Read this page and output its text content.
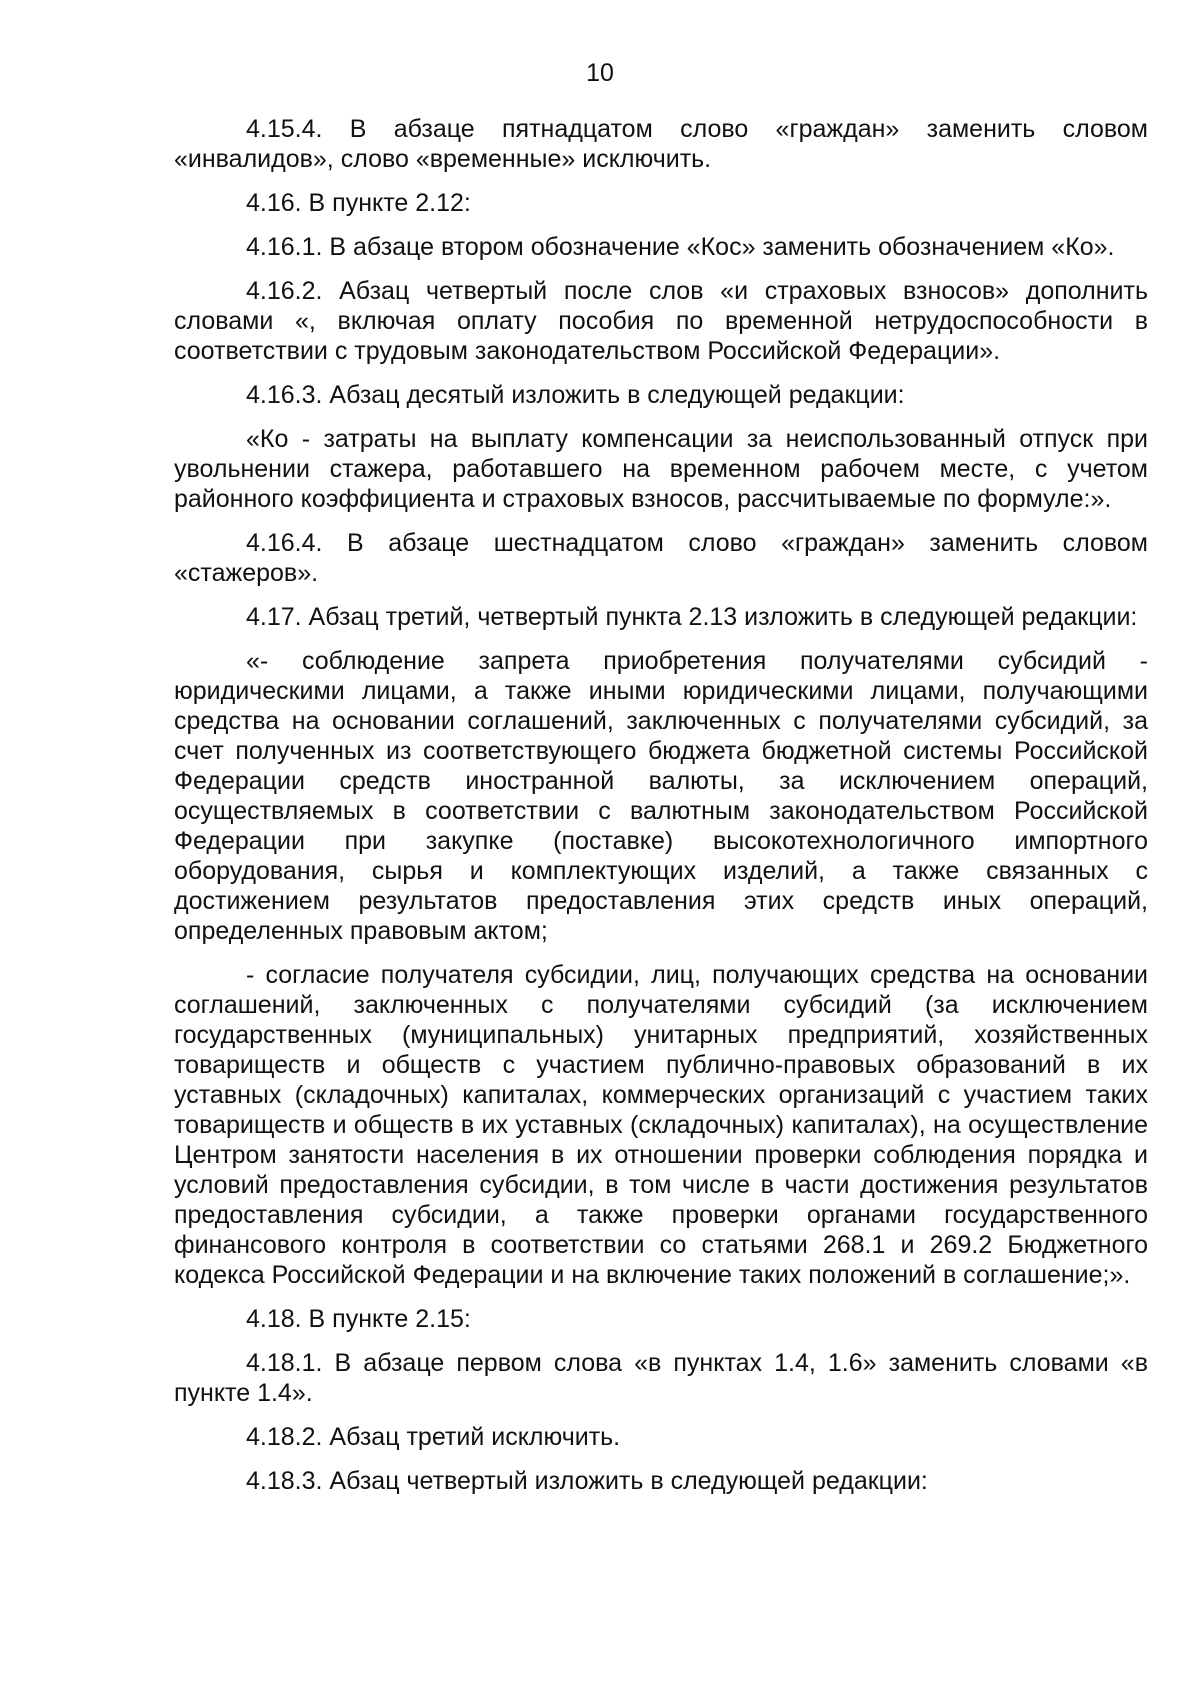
10

4.15.4. В абзаце пятнадцатом слово «граждан» заменить словом «инвалидов», слово «временные» исключить.

4.16. В пункте 2.12:

4.16.1. В абзаце втором обозначение «Кос» заменить обозначением «Ко».

4.16.2. Абзац четвертый после слов «и страховых взносов» дополнить словами «, включая оплату пособия по временной нетрудоспособности в соответствии с трудовым законодательством Российской Федерации».

4.16.3. Абзац десятый изложить в следующей редакции:

«Ко - затраты на выплату компенсации за неиспользованный отпуск при увольнении стажера, работавшего на временном рабочем месте, с учетом районного коэффициента и страховых взносов, рассчитываемые по формуле:».

4.16.4. В абзаце шестнадцатом слово «граждан» заменить словом «стажеров».

4.17. Абзац третий, четвертый пункта 2.13 изложить в следующей редакции:

«- соблюдение запрета приобретения получателями субсидий - юридическими лицами, а также иными юридическими лицами, получающими средства на основании соглашений, заключенных с получателями субсидий, за счет полученных из соответствующего бюджета бюджетной системы Российской Федерации средств иностранной валюты, за исключением операций, осуществляемых в соответствии с валютным законодательством Российской Федерации при закупке (поставке) высокотехнологичного импортного оборудования, сырья и комплектующих изделий, а также связанных с достижением результатов предоставления этих средств иных операций, определенных правовым актом;

- согласие получателя субсидии, лиц, получающих средства на основании соглашений, заключенных с получателями субсидий (за исключением государственных (муниципальных) унитарных предприятий, хозяйственных товариществ и обществ с участием публично-правовых образований в их уставных (складочных) капиталах, коммерческих организаций с участием таких товариществ и обществ в их уставных (складочных) капиталах), на осуществление Центром занятости населения в их отношении проверки соблюдения порядка и условий предоставления субсидии, в том числе в части достижения результатов предоставления субсидии, а также проверки органами государственного финансового контроля в соответствии со статьями 268.1 и 269.2 Бюджетного кодекса Российской Федерации и на включение таких положений в соглашение;».

4.18. В пункте 2.15:

4.18.1. В абзаце первом слова «в пунктах 1.4, 1.6» заменить словами «в пункте 1.4».

4.18.2. Абзац третий исключить.

4.18.3. Абзац четвертый изложить в следующей редакции:
